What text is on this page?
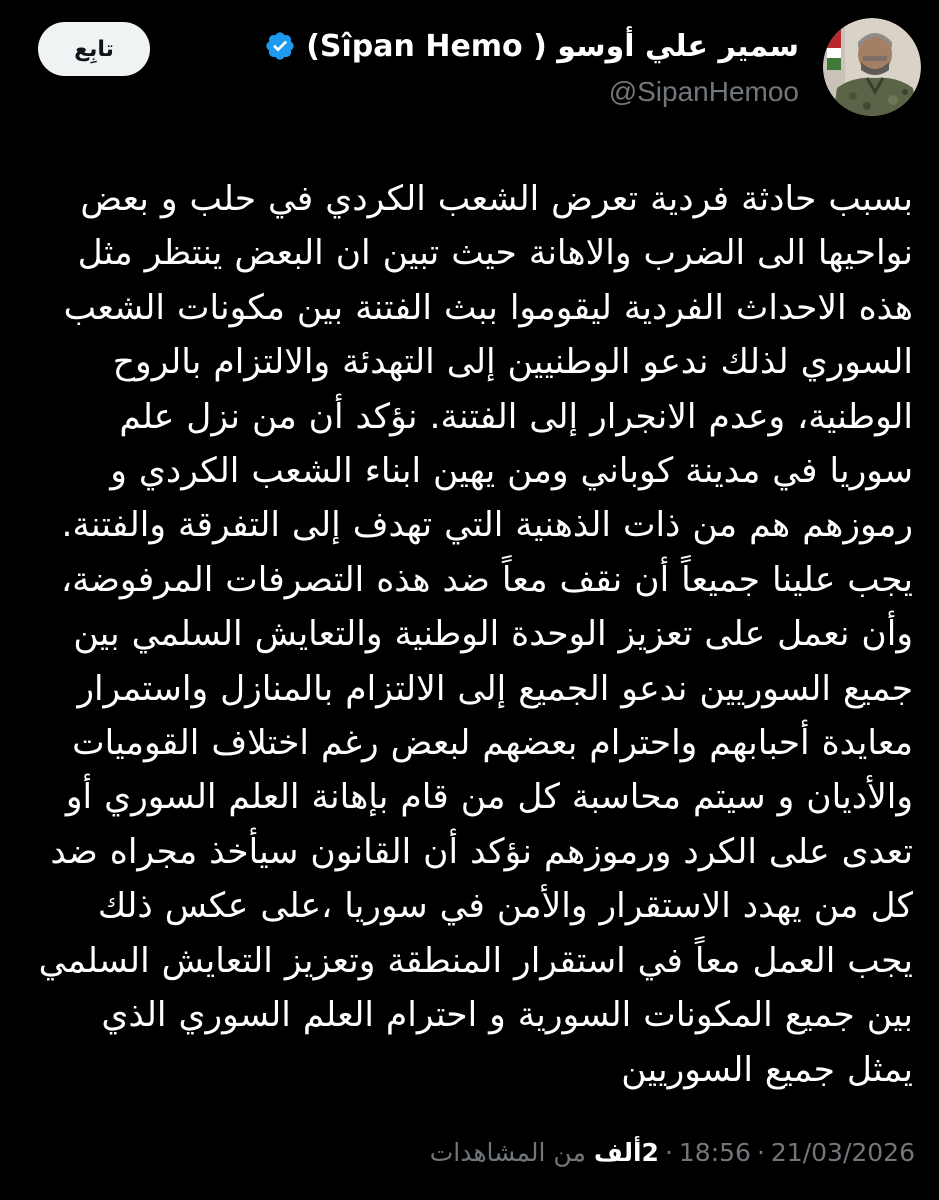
سمير علي أوسو ( Sîpan Hemo)
@SipanHemoo
تابِع
بسبب حادثة فردية تعرض الشعب الكردي في حلب و بعض نواحيها الى الضرب والاهانة حيث تبين ان البعض ينتظر مثل هذه الاحداث الفردية ليقوموا ببث الفتنة بين مكونات الشعب السوري لذلك ندعو الوطنيين إلى التهدئة والالتزام بالروح الوطنية، وعدم الانجرار إلى الفتنة. نؤكد أن من نزل علم سوريا في مدينة كوباني ومن يهين ابناء الشعب الكردي و رموزهم هم من ذات الذهنية التي تهدف إلى التفرقة والفتنة. يجب علينا جميعاً أن نقف معاً ضد هذه التصرفات المرفوضة، وأن نعمل على تعزيز الوحدة الوطنية والتعايش السلمي بين جميع السوريين ندعو الجميع إلى الالتزام بالمنازل واستمرار معايدة أحبابهم واحترام بعضهم لبعض رغم اختلاف القوميات والأديان و سيتم محاسبة كل من قام بإهانة العلم السوري أو تعدى على الكرد ورموزهم نؤكد أن القانون سيأخذ مجراه ضد كل من يهدد الاستقرار والأمن في سوريا ،على عكس ذلك يجب العمل معاً في استقرار المنطقة وتعزيز التعايش السلمي بين جميع المكونات السورية و احترام العلم السوري الذي يمثل جميع السوريين
21/03/2026·18:56·2ألف من المشاهدات
